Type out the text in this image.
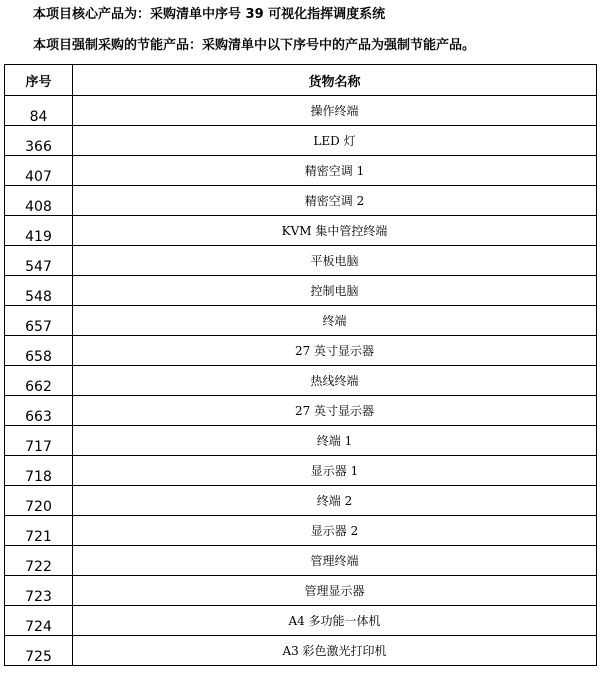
本项目核心产品为：采购清单中序号 39 可视化指挥调度系统
本项目强制采购的节能产品：采购清单中以下序号中的产品为强制节能产品。
序号	货物名称
84	操作终端
366	LED 灯
407	精密空调 1
408	精密空调 2
419	KVM 集中管控终端
547	平板电脑
548	控制电脑
657	终端
658	27 英寸显示器
662	热线终端
663	27 英寸显示器
717	终端 1
718	显示器 1
720	终端 2
721	显示器 2
722	管理终端
723	管理显示器
724	A4 多功能一体机
725	A3 彩色激光打印机
